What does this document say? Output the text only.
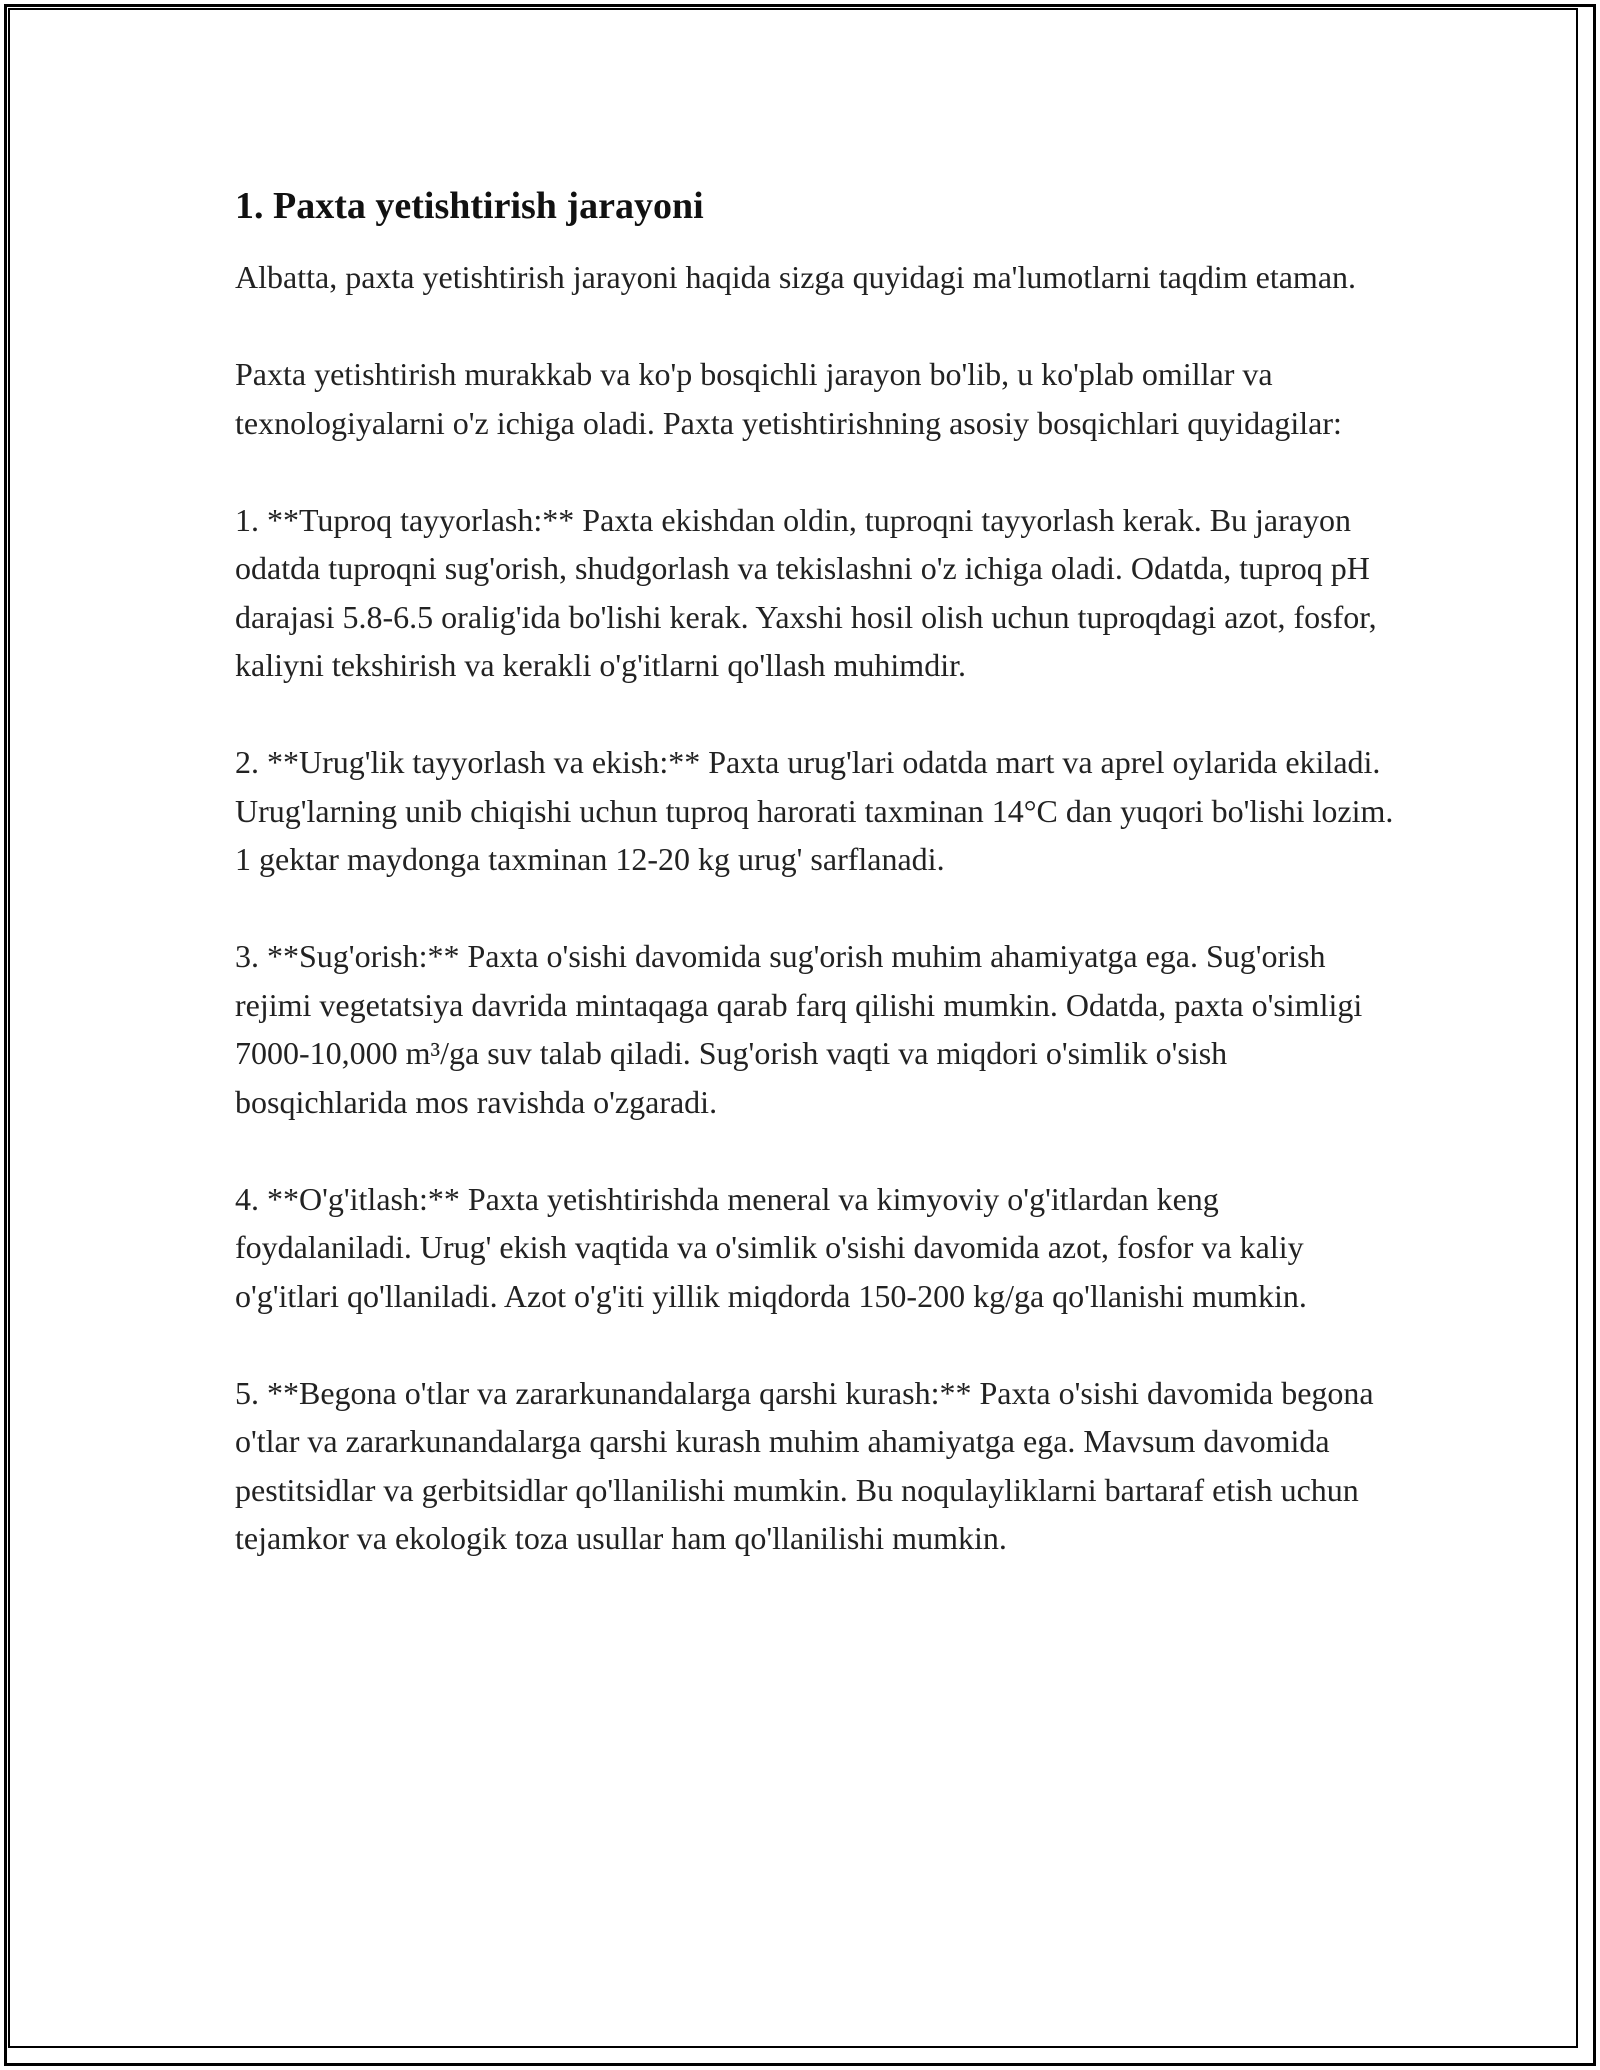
1. Paxta yetishtirish jarayoni

Albatta, paxta yetishtirish jarayoni haqida sizga quyidagi ma'lumotlarni taqdim etaman.

Paxta yetishtirish murakkab va ko'p bosqichli jarayon bo'lib, u ko'plab omillar va texnologiyalarni o'z ichiga oladi. Paxta yetishtirishning asosiy bosqichlari quyidagilar:

1. **Tuproq tayyorlash:** Paxta ekishdan oldin, tuproqni tayyorlash kerak. Bu jarayon odatda tuproqni sug'orish, shudgorlash va tekislashni o'z ichiga oladi. Odatda, tuproq pH darajasi 5.8-6.5 oralig'ida bo'lishi kerak. Yaxshi hosil olish uchun tuproqdagi azot, fosfor, kaliyni tekshirish va kerakli o'g'itlarni qo'llash muhimdir.

2. **Urug'lik tayyorlash va ekish:** Paxta urug'lari odatda mart va aprel oylarida ekiladi. Urug'larning unib chiqishi uchun tuproq harorati taxminan 14°C dan yuqori bo'lishi lozim. 1 gektar maydonga taxminan 12-20 kg urug' sarflanadi.

3. **Sug'orish:** Paxta o'sishi davomida sug'orish muhim ahamiyatga ega. Sug'orish rejimi vegetatsiya davrida mintaqaga qarab farq qilishi mumkin. Odatda, paxta o'simligi 7000-10,000 m³/ga suv talab qiladi. Sug'orish vaqti va miqdori o'simlik o'sish bosqichlarida mos ravishda o'zgaradi.

4. **O'g'itlash:** Paxta yetishtirishda meneral va kimyoviy o'g'itlardan keng foydalaniladi. Urug' ekish vaqtida va o'simlik o'sishi davomida azot, fosfor va kaliy o'g'itlari qo'llaniladi. Azot o'g'iti yillik miqdorda 150-200 kg/ga qo'llanishi mumkin.

5. **Begona o'tlar va zararkunandalarga qarshi kurash:** Paxta o'sishi davomida begona o'tlar va zararkunandalarga qarshi kurash muhim ahamiyatga ega. Mavsum davomida pestitsidlar va gerbitsidlar qo'llanilishi mumkin. Bu noqulayliklarni bartaraf etish uchun tejamkor va ekologik toza usullar ham qo'llanilishi mumkin.
